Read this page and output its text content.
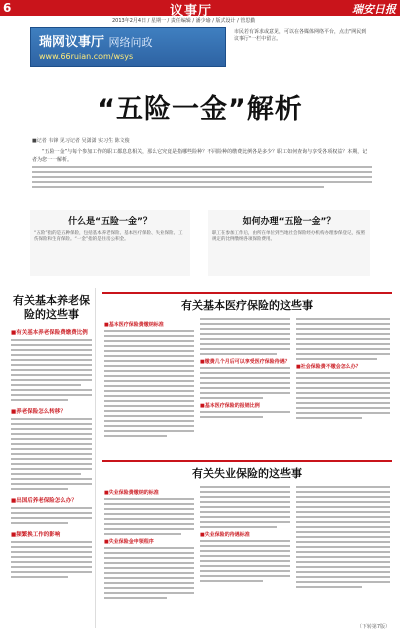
6	议事厅	瑞安日报
2013年2月4日 / 星期一 / 责任编辑 / 潘少瑜 / 版式设计 / 管思勤
瑞网议事厅 网络问政
www.66ruian.com/wsys
市民若有诉求或意见，可以在各媒体网络平台，点击"网民到议事厅"一栏中留言。
“五险一金”解析
■记者 韦锋 见习记者 吴潇潇 实习生 陈文俊
“五险一金”与每个参加工作的职工都息息相关，那么它究竟是指哪些险种？不同险种的缴费比例各是多少？职工如何查询与享受各项权益？本期，记者为您一一解析。
什么是“五险一金”？
“五险”指的是五种保险，包括基本养老保险、基本医疗保险、失业保险、工伤保险和生育保险。“一金”指的是住房公积金。
如何办理“五险一金”？
职工在参加工作后，由所在单位到当地社会保险经办机构办理参保登记，按照规定的比例缴纳各项保险费用。
有关基本养老保险的这些事
■有关基本养老保险费缴费比例
■养老保险怎么转移？
■出国后养老保险怎么办？
■频繁换工作的影响
有关基本医疗保险的这些事
■基本医疗保险费缴纳标准
■缴费几个月后可以享受医疗保险待遇？
■基本医疗保险的报销比例
■社会保险费不缴会怎么办？
有关失业保险的这些事
■失业保险费缴纳的标准
■失业保险金申领程序
■失业保险的待遇标准
（下转第7版）
